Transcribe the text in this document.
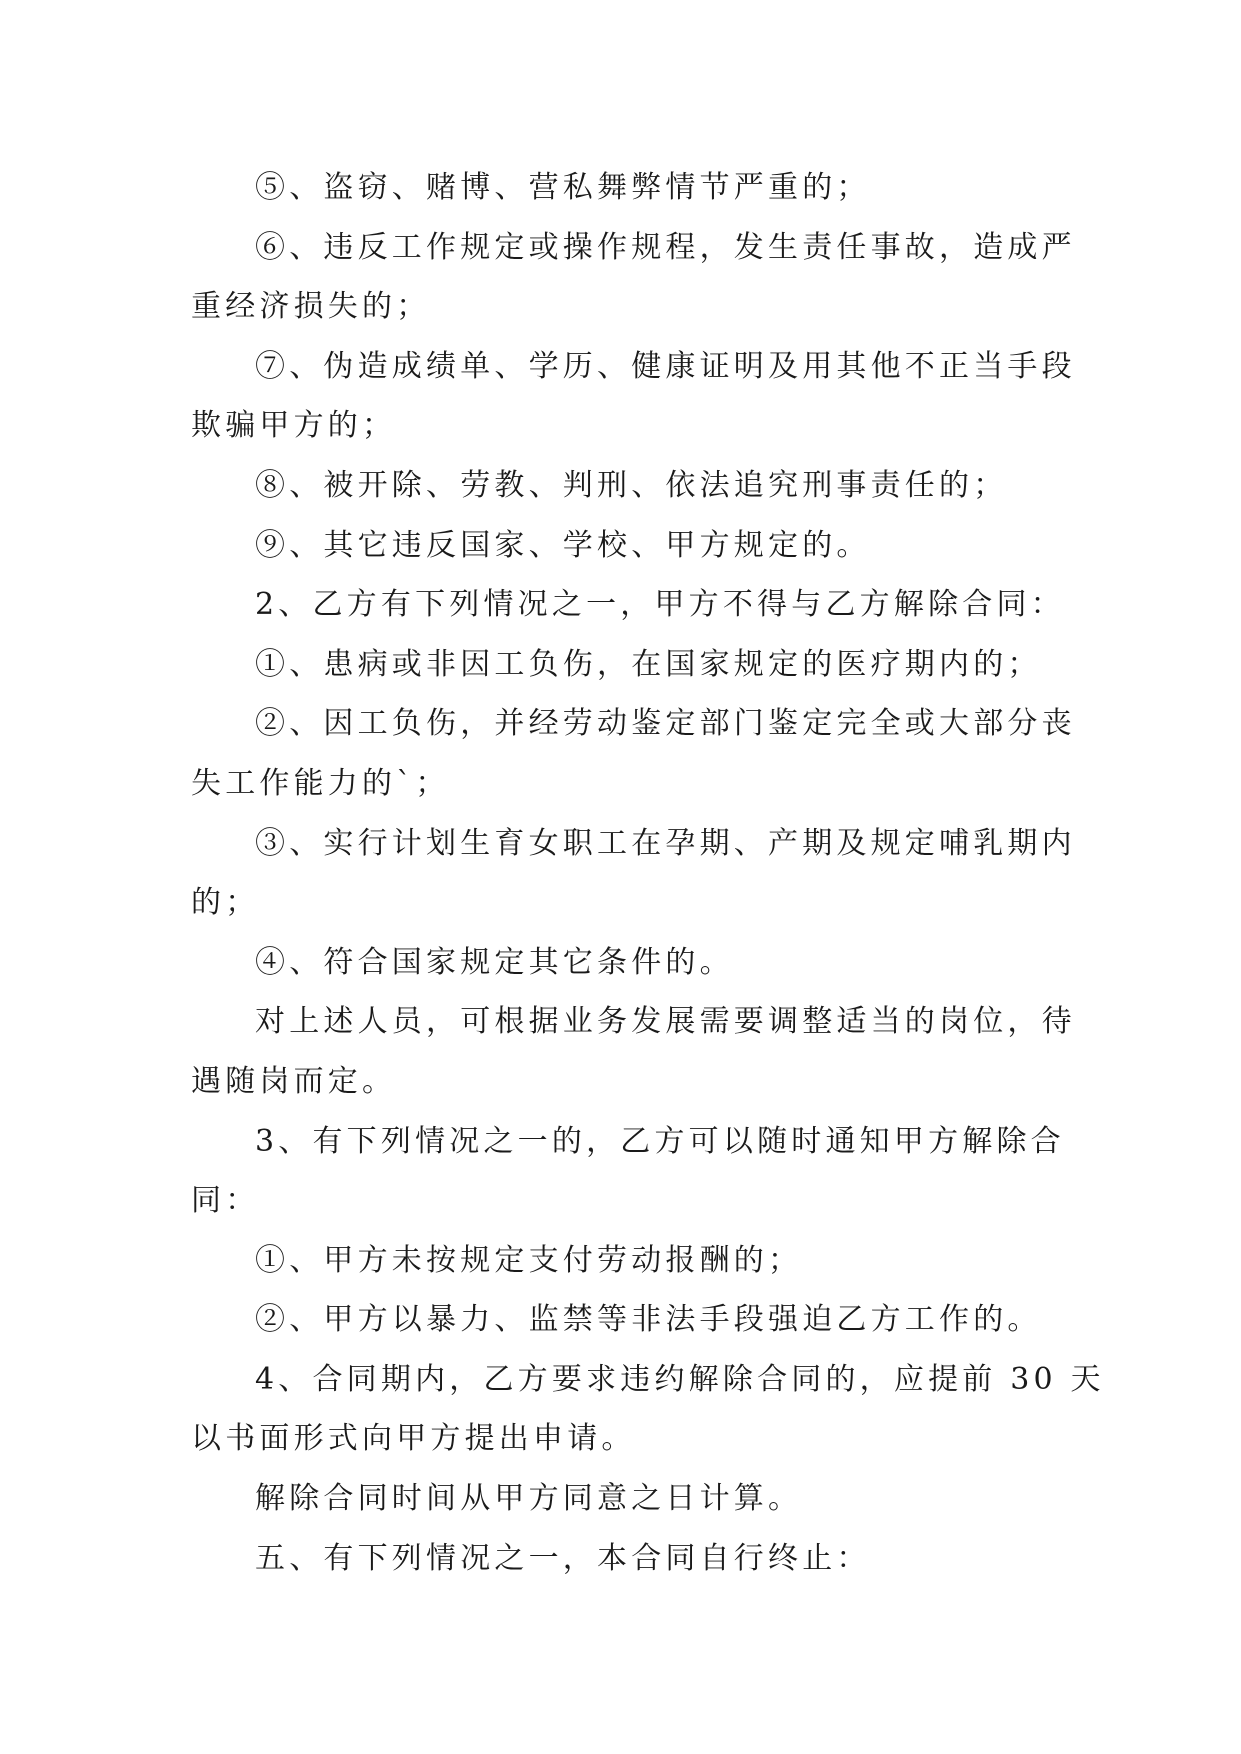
⑤、盗窃、赌博、营私舞弊情节严重的；
⑥、违反工作规定或操作规程，发生责任事故，造成严
重经济损失的；
⑦、伪造成绩单、学历、健康证明及用其他不正当手段
欺骗甲方的；
⑧、被开除、劳教、判刑、依法追究刑事责任的；
⑨、其它违反国家、学校、甲方规定的。
2、乙方有下列情况之一，甲方不得与乙方解除合同：
①、患病或非因工负伤，在国家规定的医疗期内的；
②、因工负伤，并经劳动鉴定部门鉴定完全或大部分丧
失工作能力的`；
③、实行计划生育女职工在孕期、产期及规定哺乳期内
的；
④、符合国家规定其它条件的。
对上述人员，可根据业务发展需要调整适当的岗位，待
遇随岗而定。
3、有下列情况之一的，乙方可以随时通知甲方解除合
同：
①、甲方未按规定支付劳动报酬的；
②、甲方以暴力、监禁等非法手段强迫乙方工作的。
4、合同期内，乙方要求违约解除合同的，应提前 30 天
以书面形式向甲方提出申请。
解除合同时间从甲方同意之日计算。
五、有下列情况之一，本合同自行终止：
